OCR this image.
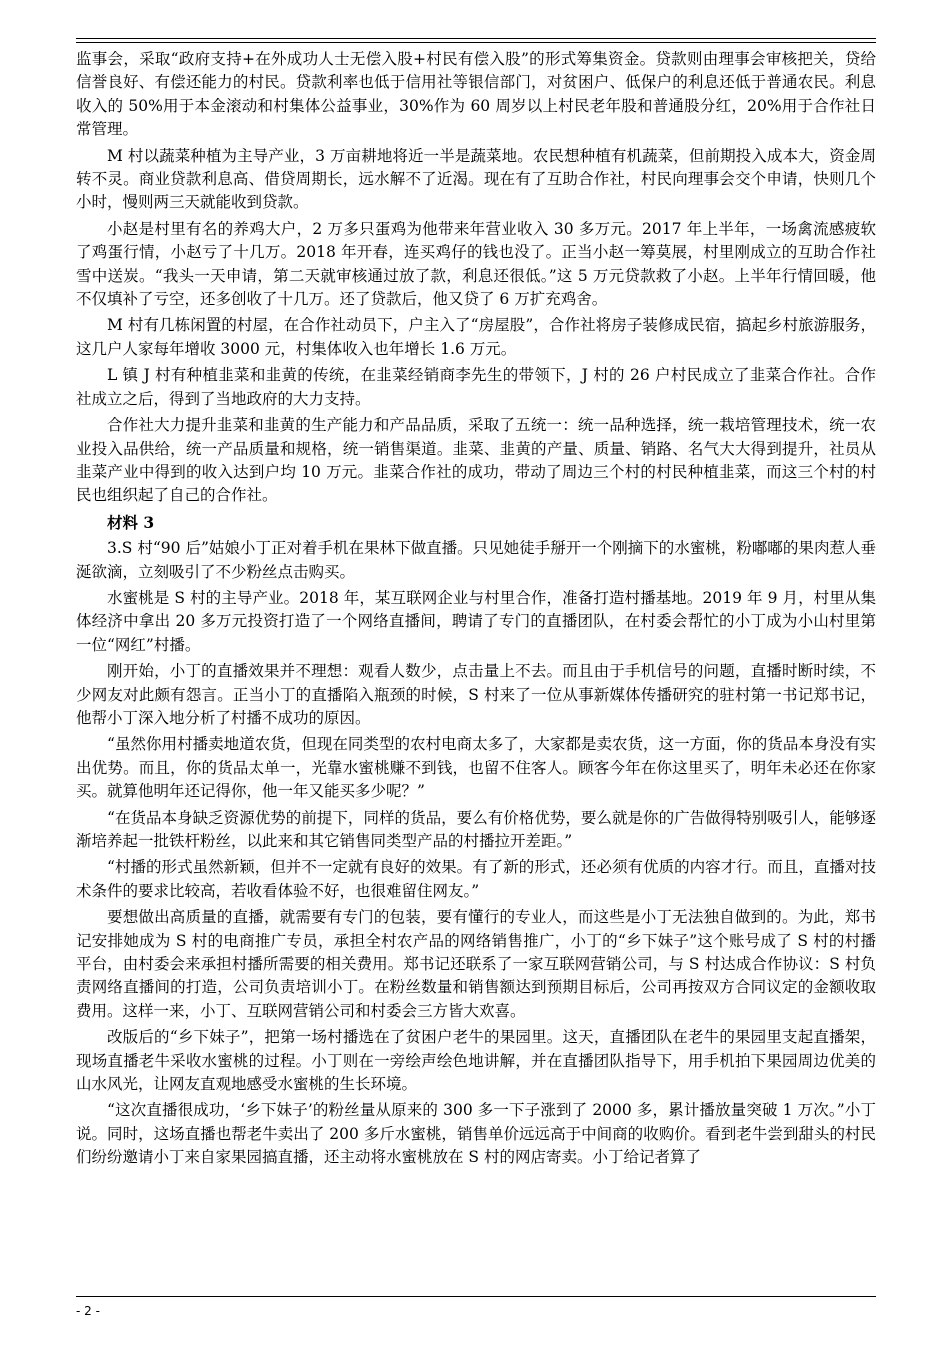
监事会，采取“政府支持+在外成功人士无偿入股+村民有偿入股”的形式筹集资金。贷款则由理事会审核把关，贷给信誉良好、有偿还能力的村民。贷款利率也低于信用社等银信部门，对贫困户、低保户的利息还低于普通农民。利息收入的 50%用于本金滚动和村集体公益事业，30%作为 60 周岁以上村民老年股和普通股分红，20%用于合作社日常管理。

M 村以蔬菜种植为主导产业，3 万亩耕地将近一半是蔬菜地。农民想种植有机蔬菜，但前期投入成本大，资金周转不灵。商业贷款利息高、借贷周期长，远水解不了近渴。现在有了互助合作社，村民向理事会交个申请，快则几个小时，慢则两三天就能收到贷款。

小赵是村里有名的养鸡大户，2 万多只蛋鸡为他带来年营业收入 30 多万元。2017 年上半年，一场禽流感疲软了鸡蛋行情，小赵亏了十几万。2018 年开春，连买鸡仔的钱也没了。正当小赵一筹莫展，村里刚成立的互助合作社雪中送炭。“我头一天申请，第二天就审核通过放了款，利息还很低。”这 5 万元贷款救了小赵。上半年行情回暖，他不仅填补了亏空，还多创收了十几万。还了贷款后，他又贷了 6 万扩充鸡舍。

M 村有几栋闲置的村屋，在合作社动员下，户主入了“房屋股”，合作社将房子装修成民宿，搞起乡村旅游服务，这几户人家每年增收 3000 元，村集体收入也年增长 1.6 万元。

L 镇 J 村有种植韭菜和韭黄的传统，在韭菜经销商李先生的带领下，J 村的 26 户村民成立了韭菜合作社。合作社成立之后，得到了当地政府的大力支持。

合作社大力提升韭菜和韭黄的生产能力和产品品质，采取了五统一：统一品种选择，统一栽培管理技术，统一农业投入品供给，统一产品质量和规格，统一销售渠道。韭菜、韭黄的产量、质量、销路、名气大大得到提升，社员从韭菜产业中得到的收入达到户均 10 万元。韭菜合作社的成功，带动了周边三个村的村民种植韭菜，而这三个村的村民也组织起了自己的合作社。

材料 3

3.S 村“90 后”姑娘小丁正对着手机在果林下做直播。只见她徒手掰开一个刚摘下的水蜜桃，粉嘟嘟的果肉惹人垂涎欲滴，立刻吸引了不少粉丝点击购买。

水蜜桃是 S 村的主导产业。2018 年，某互联网企业与村里合作，准备打造村播基地。2019 年 9 月，村里从集体经济中拿出 20 多万元投资打造了一个网络直播间，聘请了专门的直播团队，在村委会帮忙的小丁成为小山村里第一位“网红”村播。

刚开始，小丁的直播效果并不理想：观看人数少，点击量上不去。而且由于手机信号的问题，直播时断时续，不少网友对此颇有怨言。正当小丁的直播陷入瓶颈的时候，S 村来了一位从事新媒体传播研究的驻村第一书记郑书记，他帮小丁深入地分析了村播不成功的原因。

“虽然你用村播卖地道农货，但现在同类型的农村电商太多了，大家都是卖农货，这一方面，你的货品本身没有实出优势。而且，你的货品太单一，光靠水蜜桃赚不到钱，也留不住客人。顾客今年在你这里买了，明年未必还在你家买。就算他明年还记得你，他一年又能买多少呢？”

“在货品本身缺乏资源优势的前提下，同样的货品，要么有价格优势，要么就是你的广告做得特别吸引人，能够逐渐培养起一批铁杆粉丝，以此来和其它销售同类型产品的村播拉开差距。”

“村播的形式虽然新颖，但并不一定就有良好的效果。有了新的形式，还必须有优质的内容才行。而且，直播对技术条件的要求比较高，若收看体验不好，也很难留住网友。”

要想做出高质量的直播，就需要有专门的包装，要有懂行的专业人，而这些是小丁无法独自做到的。为此，郑书记安排她成为 S 村的电商推广专员，承担全村农产品的网络销售推广，小丁的“乡下妹子”这个账号成了 S 村的村播平台，由村委会来承担村播所需要的相关费用。郑书记还联系了一家互联网营销公司，与 S 村达成合作协议：S 村负责网络直播间的打造，公司负责培训小丁。在粉丝数量和销售额达到预期目标后，公司再按双方合同议定的金额收取费用。这样一来，小丁、互联网营销公司和村委会三方皆大欢喜。

改版后的“乡下妹子”，把第一场村播选在了贫困户老牛的果园里。这天，直播团队在老牛的果园里支起直播架，现场直播老牛采收水蜜桃的过程。小丁则在一旁绘声绘色地讲解，并在直播团队指导下，用手机拍下果园周边优美的山水风光，让网友直观地感受水蜜桃的生长环境。

“这次直播很成功，‘乡下妹子’的粉丝量从原来的 300 多一下子涨到了 2000 多，累计播放量突破 1 万次。”小丁说。同时，这场直播也帮老牛卖出了 200 多斤水蜜桃，销售单价远远高于中间商的收购价。看到老牛尝到甜头的村民们纷纷邀请小丁来自家果园搞直播，还主动将水蜜桃放在 S 村的网店寄卖。小丁给记者算了

- 2 -
